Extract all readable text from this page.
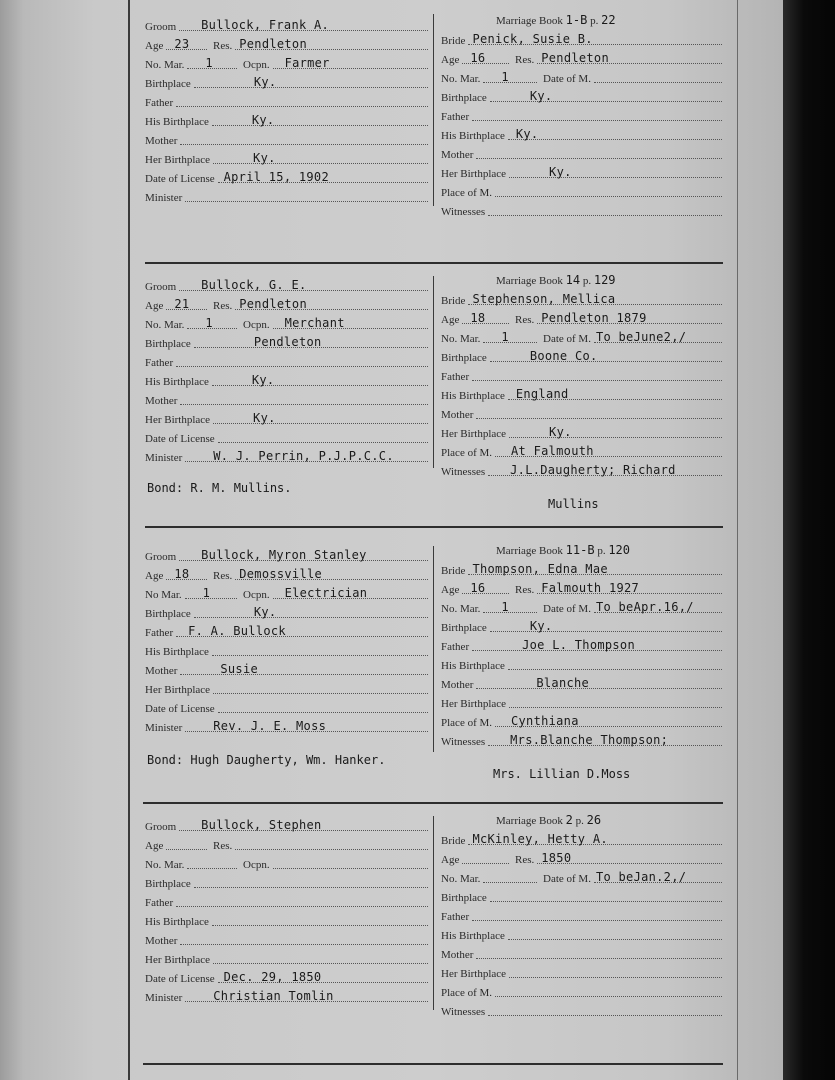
Groom Bullock, Frank A.
Age 23 Res. Pendleton
No. Mar. 1	Ocpn. Farmer
Birthplace	Ky.
Father
His Birthplace	Ky.
Mother
Her Birthplace	Ky.
Date of License April 15, 1902
Minister
Marriage Book 1-B p. 22
Bride Penick, Susie B.
Age 16	Res. Pendleton
No. Mar. 1	Date of M.
Birthplace	Ky.
Father
His Birthplace Ky.
Mother
Her Birthplace	Ky.
Place of M.
Witnesses
Groom Bullock, G. E.
Age 21 Res. Pendleton
No. Mar. 1	Ocpn. Merchant
Birthplace	Pendleton
Father
His Birthplace	Ky.
Mother
Her Birthplace	Ky.
Date of License
Minister	W. J. Perrin, P.J.P.C.C.
Marriage Book 14 p. 129
Bride Stephenson, Mellica
Age 18	Res. Pendleton 1879
No. Mar. 1	Date of M. To beJune2,/
Birthplace	Boone Co.
Father
His Birthplace England
Mother
Her Birthplace	Ky.
Place of M. At Falmouth
Witnesses J.L.Daugherty; Richard
Mullins
Bond: R. M. Mullins.
Groom Bullock, Myron Stanley
Age 18 Res. Demossville
No Mar. 1	Ocpn. Electrician
Birthplace	Ky.
Father F. A. Bullock
His Birthplace
Mother	Susie
Her Birthplace
Date of License
Minister	Rev. J. E. Moss
Marriage Book 11-B p. 120
Bride Thompson, Edna Mae
Age 16	Res. Falmouth 1927
No. Mar. 1	Date of M. To beApr.16,/
Birthplace	Ky.
Father	Joe L. Thompson
His Birthplace
Mother	Blanche
Her Birthplace
Place of M. Cynthiana
Witnesses Mrs.Blanche Thompson;
Mrs. Lillian D.Moss
Bond: Hugh Daugherty, Wm. Hanker.
Groom Bullock, Stephen
Age	Res.
No. Mar.	Ocpn.
Birthplace
Father
His Birthplace
Mother
Her Birthplace
Date of License Dec. 29, 1850
Minister	Christian Tomlin
Marriage Book 2 p. 26
Bride McKinley, Hetty A.
Age	Res. 1850
No. Mar.	Date of M. To beJan.2,/
Birthplace
Father
His Birthplace
Mother
Her Birthplace
Place of M.
Witnesses
